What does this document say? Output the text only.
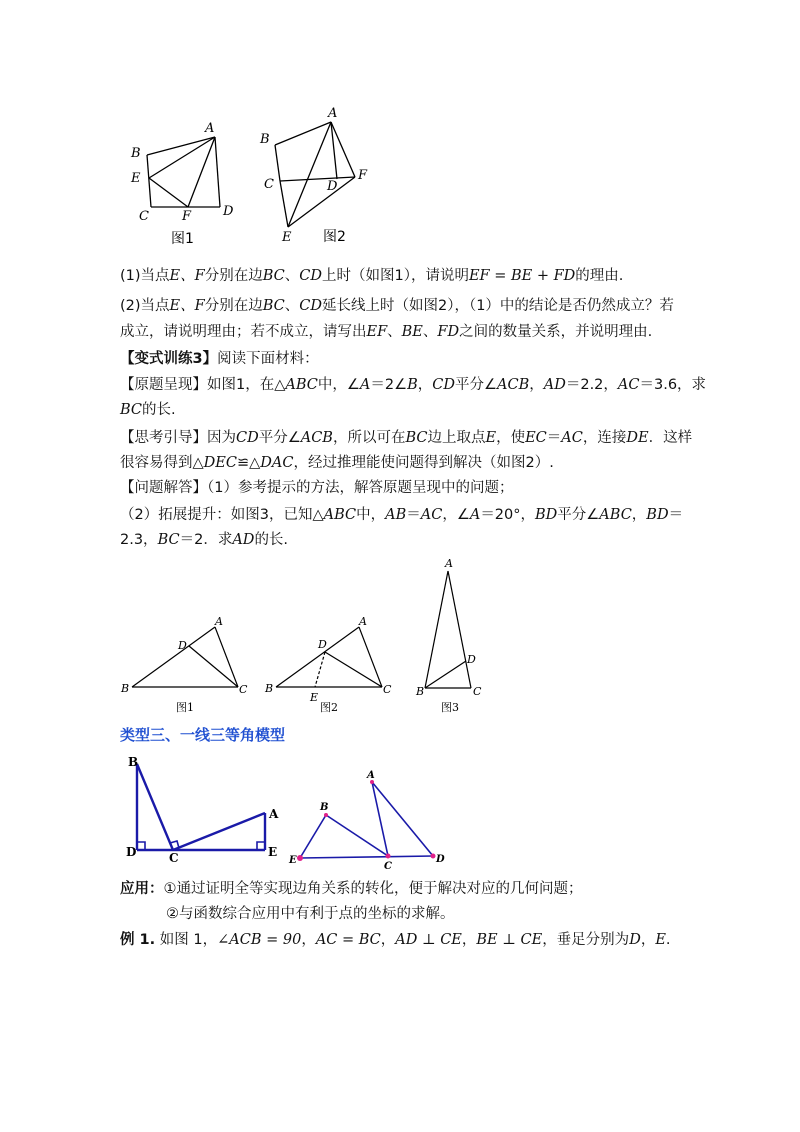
A
B
E
C	F D
图1
A
B
C	D
F
E 图2
(1)当点E、F分别在边BC、CD上时（如图1），请说明EF = BE + FD的理由.
(2)当点E、F分别在边BC、CD延长线上时（如图2），（1）中的结论是否仍然成立？若
成立，请说明理由；若不成立，请写出EF、BE、FD之间的数量关系，并说明理由.
【变式训练3】阅读下面材料：
【原题呈现】如图1，在△ABC中，∠A＝2∠B，CD平分∠ACB，AD＝2.2，AC＝3.6，求
BC的长.
【思考引导】因为CD平分∠ACB，所以可在BC边上取点E，使EC＝AC，连接DE．这样
很容易得到△DEC≌△DAC，经过推理能使问题得到解决（如图2）.
【问题解答】（1）参考提示的方法，解答原题呈现中的问题；
（2）拓展提升：如图3，已知△ABC中，AB＝AC，∠A＝20°，BD平分∠ABC，BD＝
2.3，BC＝2．求AD的长.
A
D
B	C
图1
A
D
B	C
E
图2
A
D
B	C
图3
类型三、一线三等角模型
B
A
D	C	E
A
B
E
C
D
应用：①通过证明全等实现边角关系的转化，便于解决对应的几何问题；
②与函数综合应用中有利于点的坐标的求解。
例 1. 如图 1，∠ACB = 90，AC = BC，AD ⊥ CE，BE ⊥ CE，垂足分别为D，E.
